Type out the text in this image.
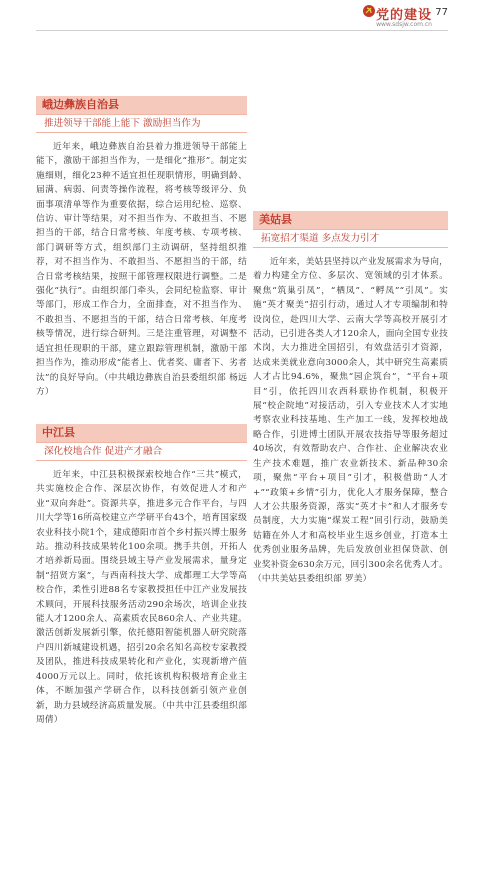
党的建设
www.sdsjw.com.cn
77
峨边彝族自治县
推进领导干部能上能下 激励担当作为

近年来，峨边彝族自治县着力推进领导干部能上能下，激励干部担当作为，一是细化“推形”。制定实施细则，细化23种不适宜担任现职情形，明确到龄、届满、病弱、问责等操作流程，将考核等级评分、负面事项清单等作为重要依据，综合运用纪检、巡察、信访、审计等结果，对不担当作为、不敢担当、不愿担当的干部，结合日常考核、年度考核、专项考核、部门调研等方式，组织部门主动调研，坚持组织推荐，对不担当作为、不敢担当、不愿担当的干部，结合日常考核结果，按照干部管理权限进行调整。二是强化“执行”。由组织部门牵头，会同纪检监察、审计等部门，形成工作合力，全面排查，对不担当作为、不敢担当、不愿担当的干部，结合日常考核、年度考核等情况，进行综合研判。三是注重管理，对调整不适宜担任现职的干部，建立跟踪管理机制，激励干部担当作为，推动形成“能者上、优者奖、庸者下、劣者汰”的良好导向。（中共峨边彝族自治县委组织部 杨远方）

中江县
深化校地合作 促进产才融合

近年来，中江县积极探索校地合作“三共”模式，共实施校企合作、深层次协作，有效促进人才和产业“双向奔赴”。资源共享，推进多元合作平台，与四川大学等16所高校建立产学研平台43个，培育国家级农业科技小院1个，建成德阳市首个乡村振兴博士服务站。推动科技成果转化100余项。携手共创，开拓人才培养新局面。围绕县域主导产业发展需求，量身定制“招贤方案”，与西南科技大学、成都理工大学等高校合作，柔性引进88名专家教授担任中江产业发展技术顾问，开展科技服务活动290余场次，培训企业技能人才1200余人、高素质农民860余人、产业共建。激活创新发展新引擎，依托德阳智能机器人研究院落户四川新城建设机遇，招引20余名知名高校专家教授及团队，推进科技成果转化和产业化，实现新增产值4000万元以上。同时，依托该机构积极培育企业主体，不断加强产学研合作，以科技创新引领产业创新，助力县域经济高质量发展。（中共中江县委组织部 周倩）

美姑县
拓宽招才渠道 多点发力引才

近年来，美姑县坚持以产业发展需求为导向，着力构建全方位、多层次、宽领域的引才体系。聚焦“筑巢引凤”，“栖凤”、“孵凤”“引凤”。实施“英才聚美”招引行动，通过人才专项编制和特设岗位，赴四川大学、云南大学等高校开展引才活动，已引进各类人才120余人，面向全国专业技术岗，大力推进全国招引，有效盘活引才资源，达成来美就业意向3000余人，其中研究生高素质人才占比94.6%，聚焦“园企筑台”，“平台+项目”引，依托四川农西科联协作机制，积极开展“校企院地”对接活动，引入专业技术人才实地考察农业科技基地、生产加工一线，发挥校地战略合作，引进博士团队开展农技指导等服务超过40场次，有效帮助农户、合作社、企业解决农业生产技术难题，推广农业新技术、新品种30余项，聚焦“平台+项目”引才，积极借助“人才+”“政策+乡情”引力，优化人才服务保障，整合人才公共服务资源，落实“英才卡”和人才服务专员制度，大力实施“煤炭工程”回引行动，鼓励美姑籍在外人才和高校毕业生返乡创业，打造本土优秀创业服务品牌，先后发放创业担保贷款、创业奖补资金630余万元，回引300余名优秀人才。（中共美姑县委组织部 罗美）
